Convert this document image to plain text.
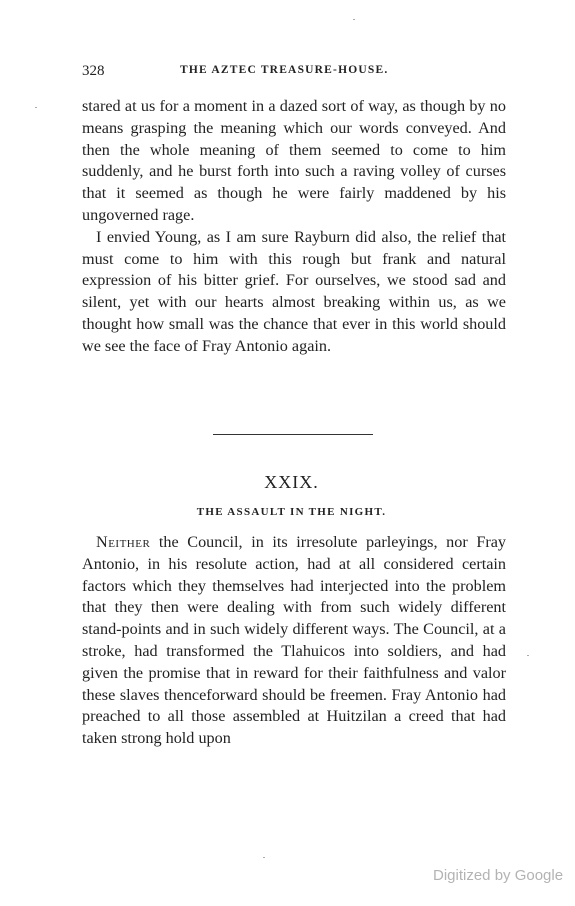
328	THE AZTEC TREASURE-HOUSE.

stared at us for a moment in a dazed sort of way, as though by no means grasping the meaning which our words conveyed. And then the whole meaning of them seemed to come to him suddenly, and he burst forth into such a raving volley of curses that it seemed as though he were fairly maddened by his ungoverned rage.

I envied Young, as I am sure Rayburn did also, the relief that must come to him with this rough but frank and natural expression of his bitter grief. For ourselves, we stood sad and silent, yet with our hearts almost breaking within us, as we thought how small was the chance that ever in this world should we see the face of Fray Antonio again.

XXIX.
THE ASSAULT IN THE NIGHT.

Neither the Council, in its irresolute parleyings, nor Fray Antonio, in his resolute action, had at all considered certain factors which they themselves had interjected into the problem that they then were dealing with from such widely different stand-points and in such widely different ways. The Council, at a stroke, had transformed the Tlahuicos into soldiers, and had given the promise that in reward for their faithfulness and valor these slaves thenceforward should be freemen. Fray Antonio had preached to all those assembled at Huitzilan a creed that had taken strong hold upon

Digitized by Google
